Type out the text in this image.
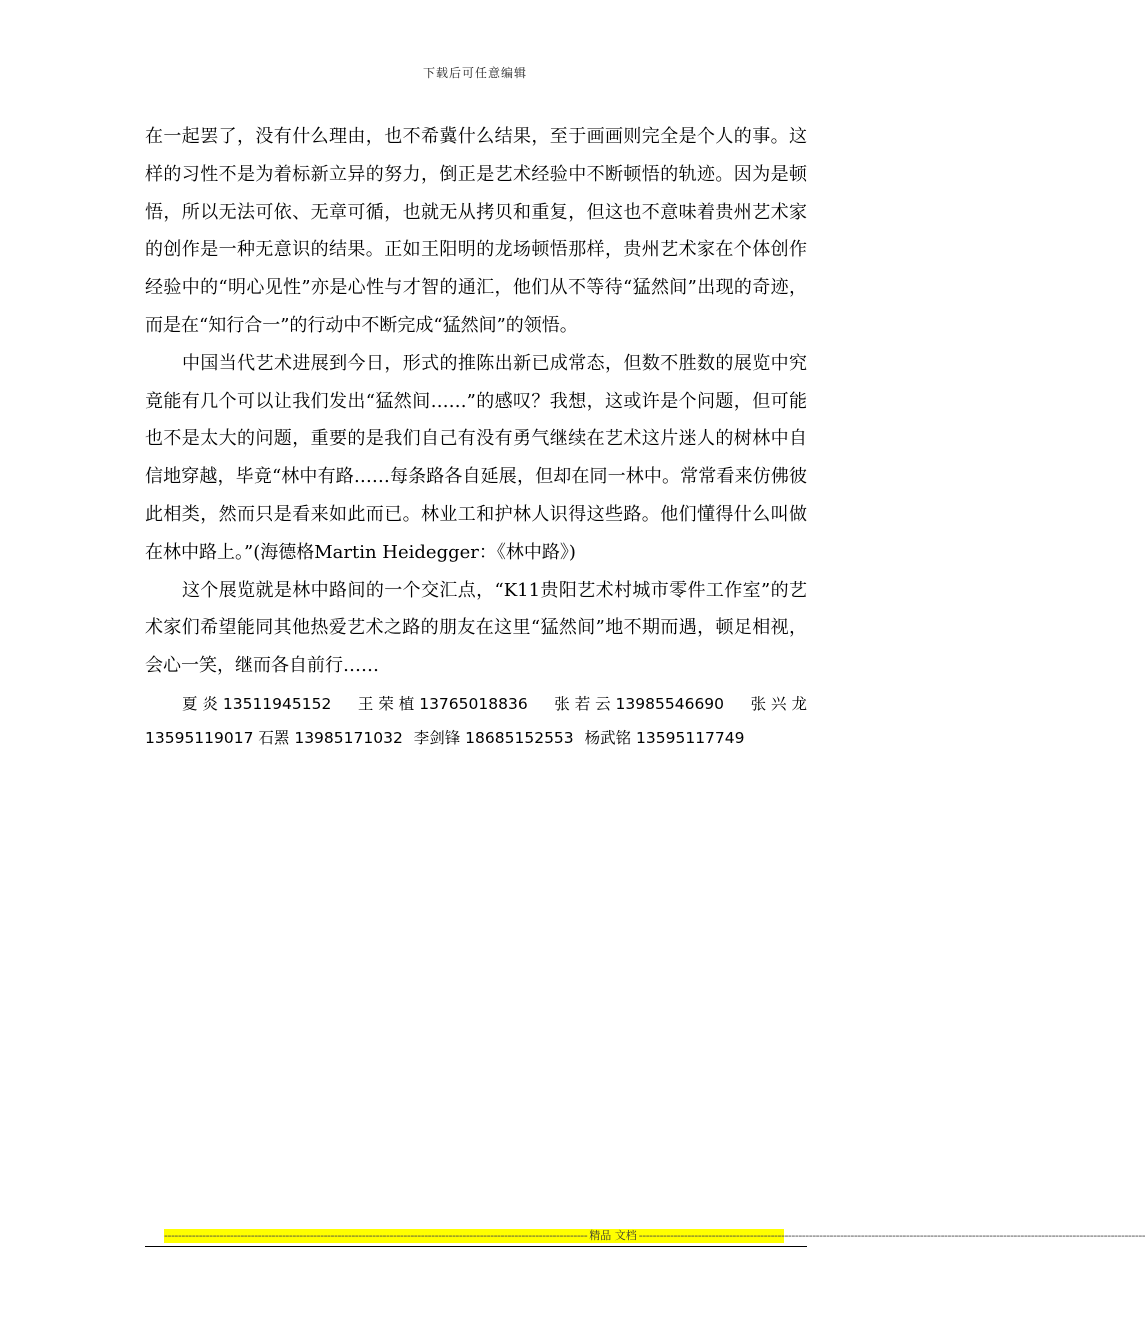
下载后可任意编辑

在一起罢了，没有什么理由，也不希冀什么结果，至于画画则完全是个人的事。这样的习性不是为着标新立异的努力，倒正是艺术经验中不断顿悟的轨迹。因为是顿悟，所以无法可依、无章可循，也就无从拷贝和重复，但这也不意味着贵州艺术家的创作是一种无意识的结果。正如王阳明的龙场顿悟那样，贵州艺术家在个体创作经验中的“明心见性”亦是心性与才智的通汇，他们从不等待“猛然间”出现的奇迹，而是在“知行合一”的行动中不断完成“猛然间”的领悟。

中国当代艺术进展到今日，形式的推陈出新已成常态，但数不胜数的展览中究竟能有几个可以让我们发出“猛然间……”的感叹？我想，这或许是个问题，但可能也不是太大的问题，重要的是我们自己有没有勇气继续在艺术这片迷人的树林中自信地穿越，毕竟“林中有路……每条路各自延展，但却在同一林中。常常看来仿佛彼此相类，然而只是看来如此而已。林业工和护林人识得这些路。他们懂得什么叫做在林中路上。”(海德格Martin Heidegger：《林中路》)

这个展览就是林中路间的一个交汇点，“K11贵阳艺术村城市零件工作室”的艺术家们希望能同其他热爱艺术之路的朋友在这里“猛然间”地不期而遇，顿足相视，会心一笑，继而各自前行……

夏 炎 13511945152 王 荣 植 13765018836 张 若 云 13985546690 张 兴 龙
13595119017 石罴 13985171032 李剑锋 18685152553 杨武铭 13595117749
-------------------------------------------------------------------------------------------------------------------------- 精品 文档 --------------------------------------------------------------------------------------------------------------------------------------------------
